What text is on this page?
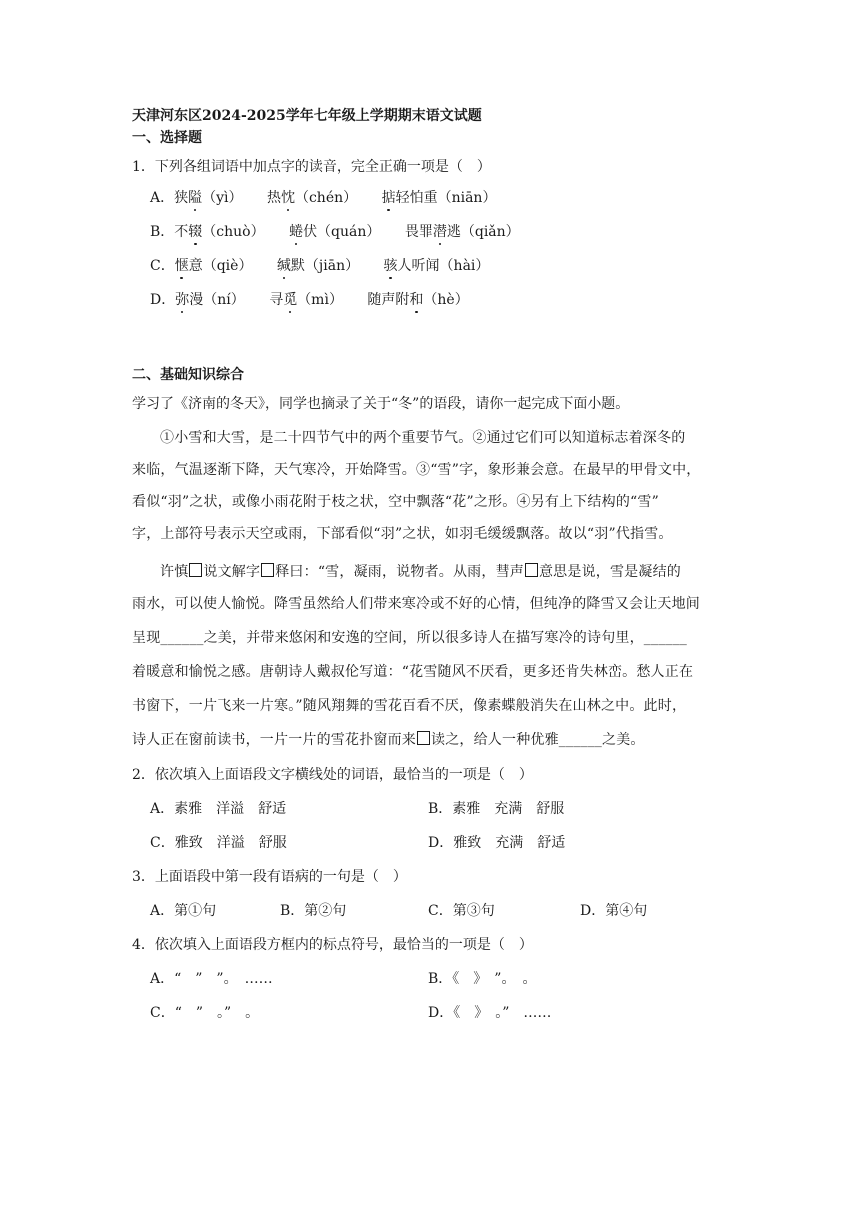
天津河东区2024-2025学年七年级上学期期末语文试题
一、选择题
1．下列各组词语中加点字的读音，完全正确一项是（　）
A．狭隘（yì） 热忱（chén） 掂轻怕重（niān）
B．不辍（chuò） 蜷伏（quán） 畏罪潜逃（qiǎn）
C．惬意（qiè） 缄默（jiān） 骇人听闻（hài）
D．弥漫（ní） 寻觅（mì） 随声附和（hè）
二、基础知识综合
学习了《济南的冬天》，同学也摘录了关于“冬”的语段，请你一起完成下面小题。
①小雪和大雪，是二十四节气中的两个重要节气。②通过它们可以知道标志着深冬的
来临，气温逐渐下降，天气寒冷，开始降雪。③“雪”字，象形兼会意。在最早的甲骨文中，
看似“羽”之状，或像小雨花附于枝之状，空中飘落“花”之形。④另有上下结构的“雪”
字，上部符号表示天空或雨，下部看似“羽”之状，如羽毛缓缓飘落。故以“羽”代指雪。
许慎 说文解字 释曰：“雪，凝雨，说物者。从雨，彗声 意思是说，雪是凝结的
雨水，可以使人愉悦。降雪虽然给人们带来寒冷或不好的心情，但纯净的降雪又会让天地间
呈现______之美，并带来悠闲和安逸的空间，所以很多诗人在描写寒冷的诗句里，______
着暖意和愉悦之感。唐朝诗人戴叔伦写道：“花雪随风不厌看，更多还肯失林峦。愁人正在
书窗下，一片飞来一片寒。”随风翔舞的雪花百看不厌，像素蝶般消失在山林之中。此时，
诗人正在窗前读书，一片一片的雪花扑窗而来 读之，给人一种优雅______之美。
2．依次填入上面语段文字横线处的词语，最恰当的一项是（　）
A．素雅　洋溢　舒适	B．素雅　充满　舒服
C．雅致　洋溢　舒服	D．雅致　充满　舒适
3．上面语段中第一段有语病的一句是（　）
A．第①句	B．第②句	C．第③句	D．第④句
4．依次填入上面语段方框内的标点符号，最恰当的一项是（　）
A．“　”　”。　……	B．《　》　”。　。
C．“　”　。”　。	D．《　》　。”　……
